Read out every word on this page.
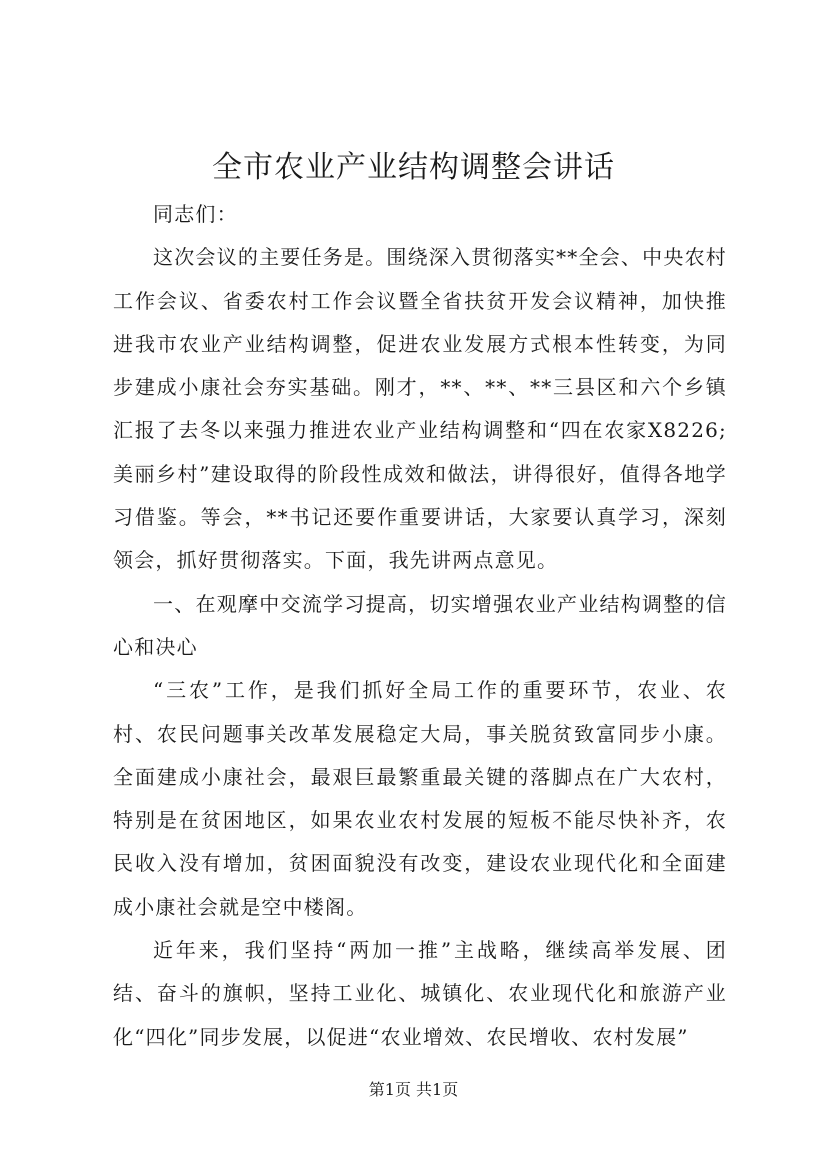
全市农业产业结构调整会讲话

同志们：

这次会议的主要任务是。围绕深入贯彻落实**全会、中央农村工作会议、省委农村工作会议暨全省扶贫开发会议精神，加快推进我市农业产业结构调整，促进农业发展方式根本性转变，为同步建成小康社会夯实基础。刚才，**、**、**三县区和六个乡镇汇报了去冬以来强力推进农业产业结构调整和“四在农家X8226;美丽乡村”建设取得的阶段性成效和做法，讲得很好，值得各地学习借鉴。等会，**书记还要作重要讲话，大家要认真学习，深刻领会，抓好贯彻落实。下面，我先讲两点意见。

一、在观摩中交流学习提高，切实增强农业产业结构调整的信心和决心

“三农”工作，是我们抓好全局工作的重要环节，农业、农村、农民问题事关改革发展稳定大局，事关脱贫致富同步小康。全面建成小康社会，最艰巨最繁重最关键的落脚点在广大农村，特别是在贫困地区，如果农业农村发展的短板不能尽快补齐，农民收入没有增加，贫困面貌没有改变，建设农业现代化和全面建成小康社会就是空中楼阁。

近年来，我们坚持“两加一推”主战略，继续高举发展、团结、奋斗的旗帜，坚持工业化、城镇化、农业现代化和旅游产业化“四化”同步发展，以促进“农业增效、农民增收、农村发展”

第1页 共1页
